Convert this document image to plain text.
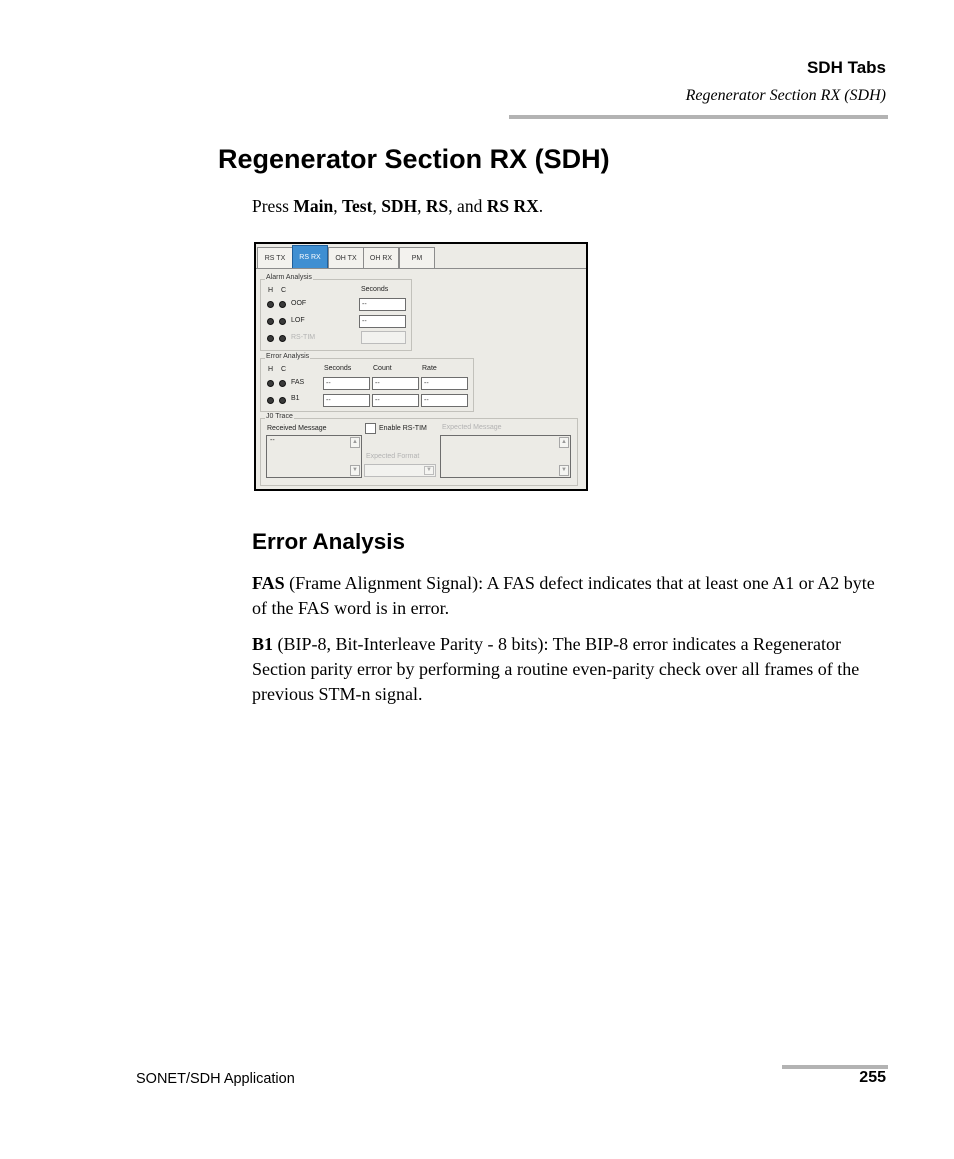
SDH Tabs
Regenerator Section RX (SDH)
Regenerator Section RX (SDH)
Press Main, Test, SDH, RS, and RS RX.
RS TX	RS RX	OH TX	OH RX	PM
Alarm Analysis
H C	Seconds
OOF	--
LOF	--
RS-TIM
Error Analysis
H C	Seconds	Count	Rate
FAS	--	--	--
B1	--	--	--
J0 Trace
Received Message
--	▲
▼
Enable RS-TIM
Expected Format
▼
Expected Message
▲
▼
Error Analysis
FAS (Frame Alignment Signal): A FAS defect indicates that at least one A1 or A2 byte of the FAS word is in error.
B1 (BIP-8, Bit-Interleave Parity - 8 bits): The BIP-8 error indicates a Regenerator Section parity error by performing a routine even-parity check over all frames of the previous STM-n signal.
SONET/SDH Application	255
